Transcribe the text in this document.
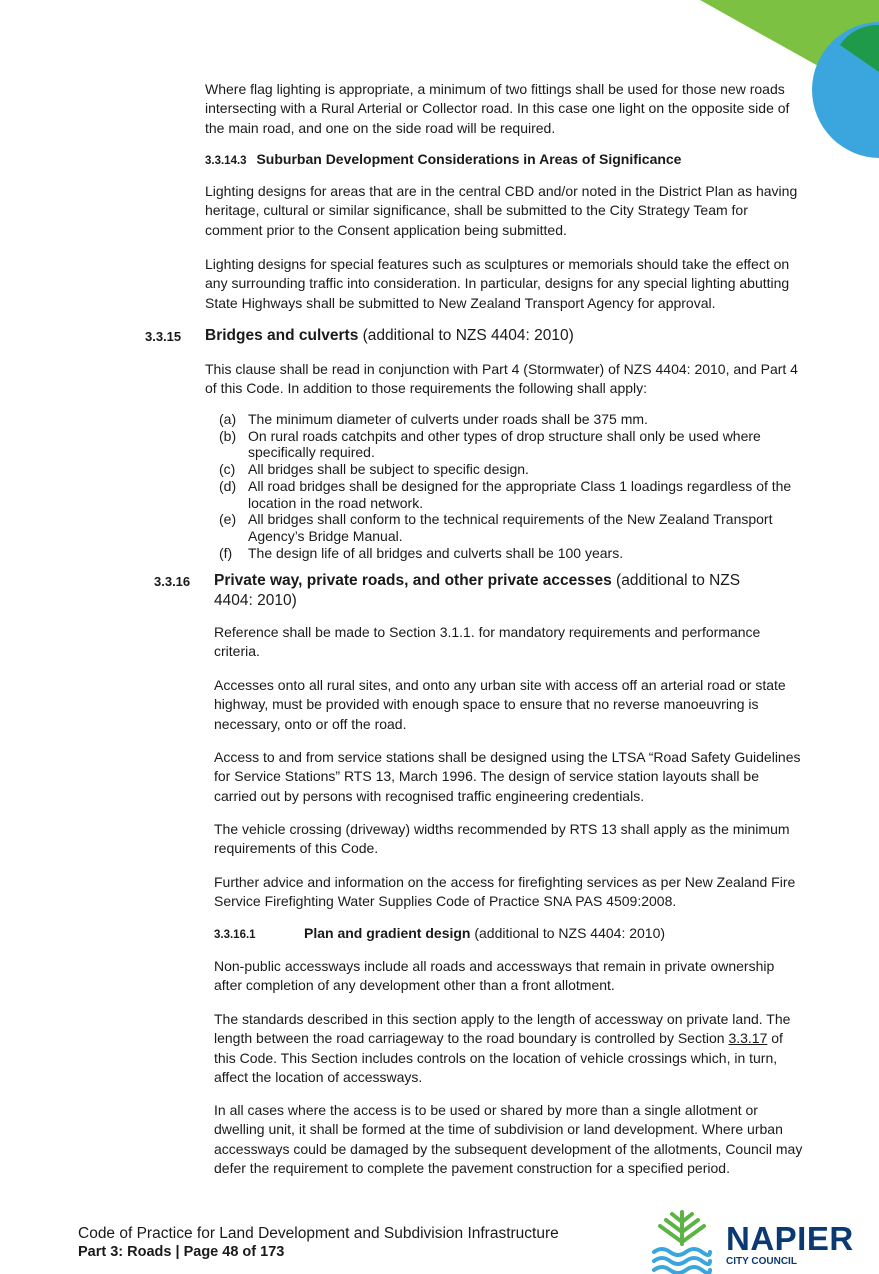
Where flag lighting is appropriate, a minimum of two fittings shall be used for those new roads intersecting with a Rural Arterial or Collector road. In this case one light on the opposite side of the main road, and one on the side road will be required.

3.3.14.3 Suburban Development Considerations in Areas of Significance

Lighting designs for areas that are in the central CBD and/or noted in the District Plan as having heritage, cultural or similar significance, shall be submitted to the City Strategy Team for comment prior to the Consent application being submitted.

Lighting designs for special features such as sculptures or memorials should take the effect on any surrounding traffic into consideration. In particular, designs for any special lighting abutting State Highways shall be submitted to New Zealand Transport Agency for approval.

3.3.15 Bridges and culverts (additional to NZS 4404: 2010)

This clause shall be read in conjunction with Part 4 (Stormwater) of NZS 4404: 2010, and Part 4 of this Code. In addition to those requirements the following shall apply:

(a) The minimum diameter of culverts under roads shall be 375 mm.
(b) On rural roads catchpits and other types of drop structure shall only be used where specifically required.
(c) All bridges shall be subject to specific design.
(d) All road bridges shall be designed for the appropriate Class 1 loadings regardless of the location in the road network.
(e) All bridges shall conform to the technical requirements of the New Zealand Transport Agency’s Bridge Manual.
(f) The design life of all bridges and culverts shall be 100 years.
3.3.16 Private way, private roads, and other private accesses (additional to NZS 4404: 2010)

Reference shall be made to Section 3.1.1. for mandatory requirements and performance criteria.

Accesses onto all rural sites, and onto any urban site with access off an arterial road or state highway, must be provided with enough space to ensure that no reverse manoeuvring is necessary, onto or off the road.

Access to and from service stations shall be designed using the LTSA “Road Safety Guidelines for Service Stations” RTS 13, March 1996. The design of service station layouts shall be carried out by persons with recognised traffic engineering credentials.

The vehicle crossing (driveway) widths recommended by RTS 13 shall apply as the minimum requirements of this Code.

Further advice and information on the access for firefighting services as per New Zealand Fire Service Firefighting Water Supplies Code of Practice SNA PAS 4509:2008.

3.3.16.1	Plan and gradient design (additional to NZS 4404: 2010)

Non-public accessways include all roads and accessways that remain in private ownership after completion of any development other than a front allotment.

The standards described in this section apply to the length of accessway on private land. The length between the road carriageway to the road boundary is controlled by Section 3.3.17 of this Code. This Section includes controls on the location of vehicle crossings which, in turn, affect the location of accessways.

In all cases where the access is to be used or shared by more than a single allotment or dwelling unit, it shall be formed at the time of subdivision or land development. Where urban accessways could be damaged by the subsequent development of the allotments, Council may defer the requirement to complete the pavement construction for a specified period.

Code of Practice for Land Development and Subdivision Infrastructure
Part 3: Roads | Page 48 of 173	NAPIER
CITY COUNCIL
